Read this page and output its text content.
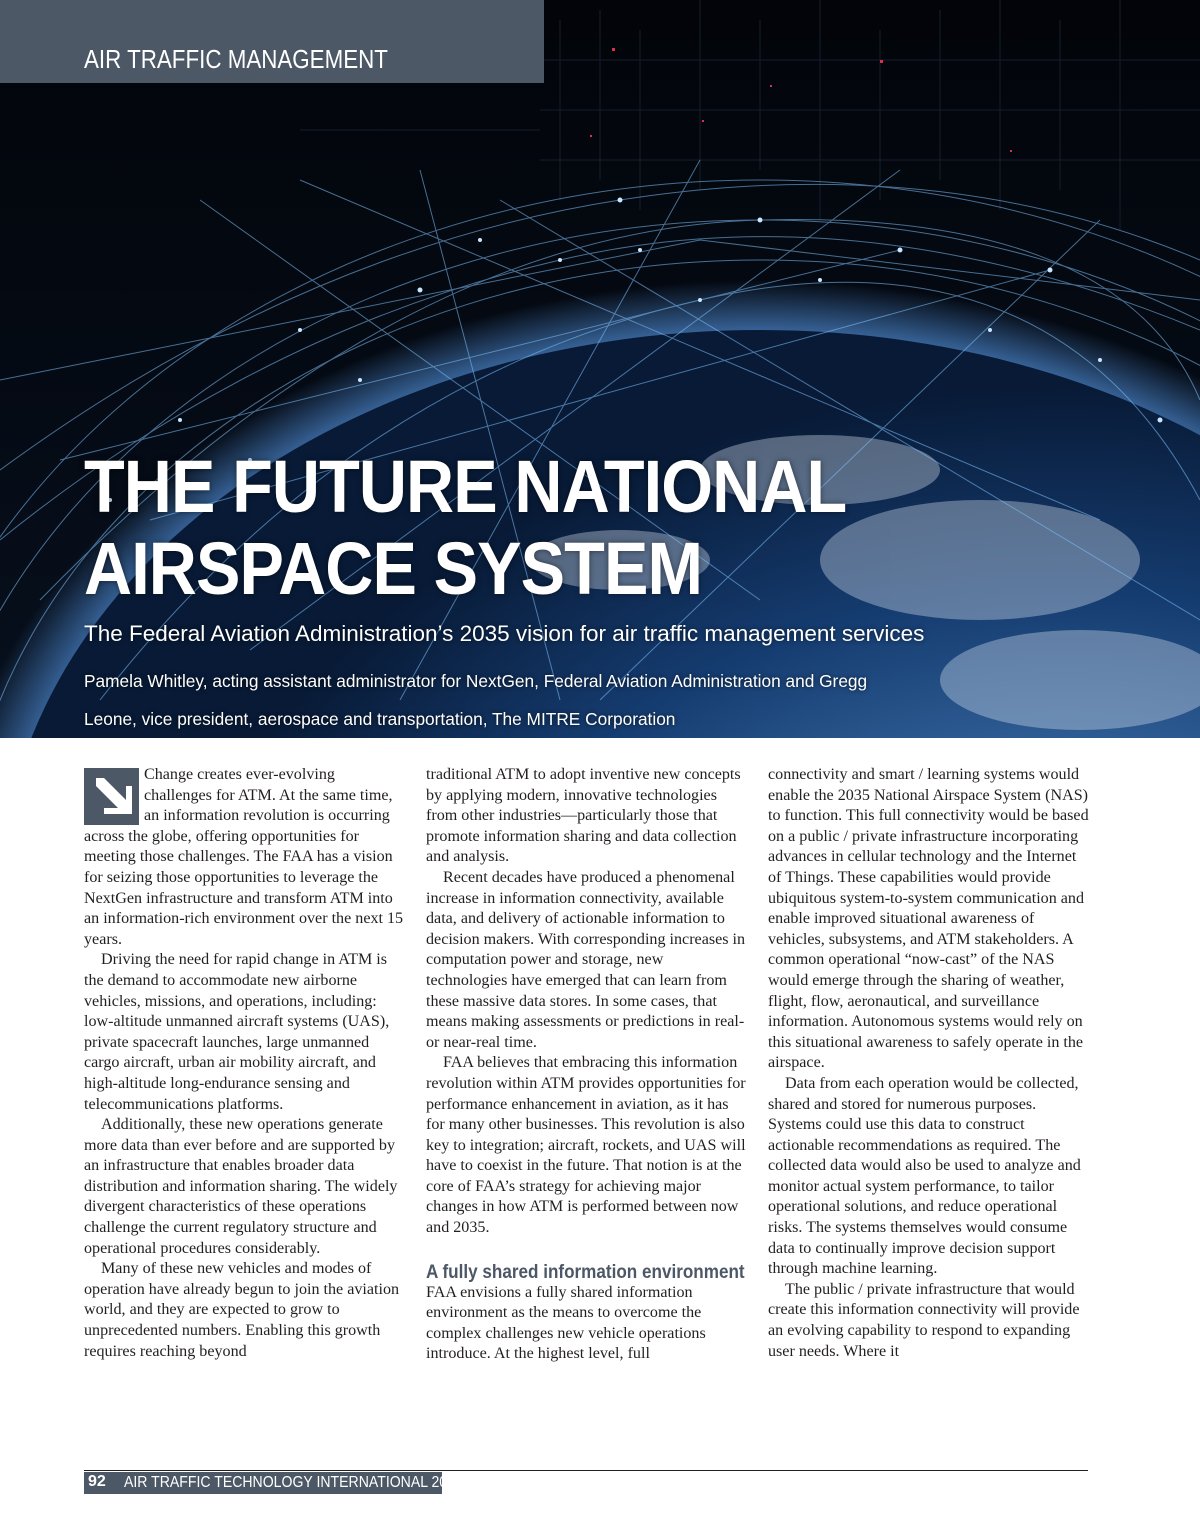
AIR TRAFFIC MANAGEMENT
THE FUTURE NATIONAL
AIRSPACE SYSTEM
The Federal Aviation Administration’s 2035 vision for air traffic management services
Pamela Whitley, acting assistant administrator for NextGen, Federal Aviation Administration and Gregg
Leone, vice president, aerospace and transportation, The MITRE Corporation

Change creates ever-evolving challenges for ATM. At the same time, an information revolution is occurring across the globe, offering opportunities for meeting those challenges. The FAA has a vision for seizing those opportunities to leverage the NextGen infrastructure and transform ATM into an information-rich environment over the next 15 years.

Driving the need for rapid change in ATM is the demand to accommodate new airborne vehicles, missions, and operations, including: low-altitude unmanned aircraft systems (UAS), private spacecraft launches, large unmanned cargo aircraft, urban air mobility aircraft, and high-altitude long-endurance sensing and telecommunications platforms.

Additionally, these new operations generate more data than ever before and are supported by an infrastructure that enables broader data distribution and information sharing. The widely divergent characteristics of these operations challenge the current regulatory structure and operational procedures considerably.

Many of these new vehicles and modes of operation have already begun to join the aviation world, and they are expected to grow to unprecedented numbers. Enabling this growth requires reaching beyond

traditional ATM to adopt inventive new concepts by applying modern, innovative technologies from other industries—particularly those that promote information sharing and data collection and analysis.

Recent decades have produced a phenomenal increase in information connectivity, available data, and delivery of actionable information to decision makers. With corresponding increases in computation power and storage, new technologies have emerged that can learn from these massive data stores. In some cases, that means making assessments or predictions in real- or near-real time.

FAA believes that embracing this information revolution within ATM provides opportunities for performance enhancement in aviation, as it has for many other businesses. This revolution is also key to integration; aircraft, rockets, and UAS will have to coexist in the future. That notion is at the core of FAA’s strategy for achieving major changes in how ATM is performed between now and 2035.

A fully shared information environment

FAA envisions a fully shared information environment as the means to overcome the complex challenges new vehicle operations introduce. At the highest level, full

connectivity and smart / learning systems would enable the 2035 National Airspace System (NAS) to function. This full connectivity would be based on a public / private infrastructure incorporating advances in cellular technology and the Internet of Things. These capabilities would provide ubiquitous system-to-system communication and enable improved situational awareness of vehicles, subsystems, and ATM stakeholders. A common operational “now-cast” of the NAS would emerge through the sharing of weather, flight, flow, aeronautical, and surveillance information. Autonomous systems would rely on this situational awareness to safely operate in the airspace.

Data from each operation would be collected, shared and stored for numerous purposes. Systems could use this data to construct actionable recommendations as required. The collected data would also be used to analyze and monitor actual system performance, to tailor operational solutions, and reduce operational risks. The systems themselves would consume data to continually improve decision support through machine learning.

The public / private infrastructure that would create this information connectivity will provide an evolving capability to respond to expanding user needs. Where it

92 AIR TRAFFIC TECHNOLOGY INTERNATIONAL 2021
